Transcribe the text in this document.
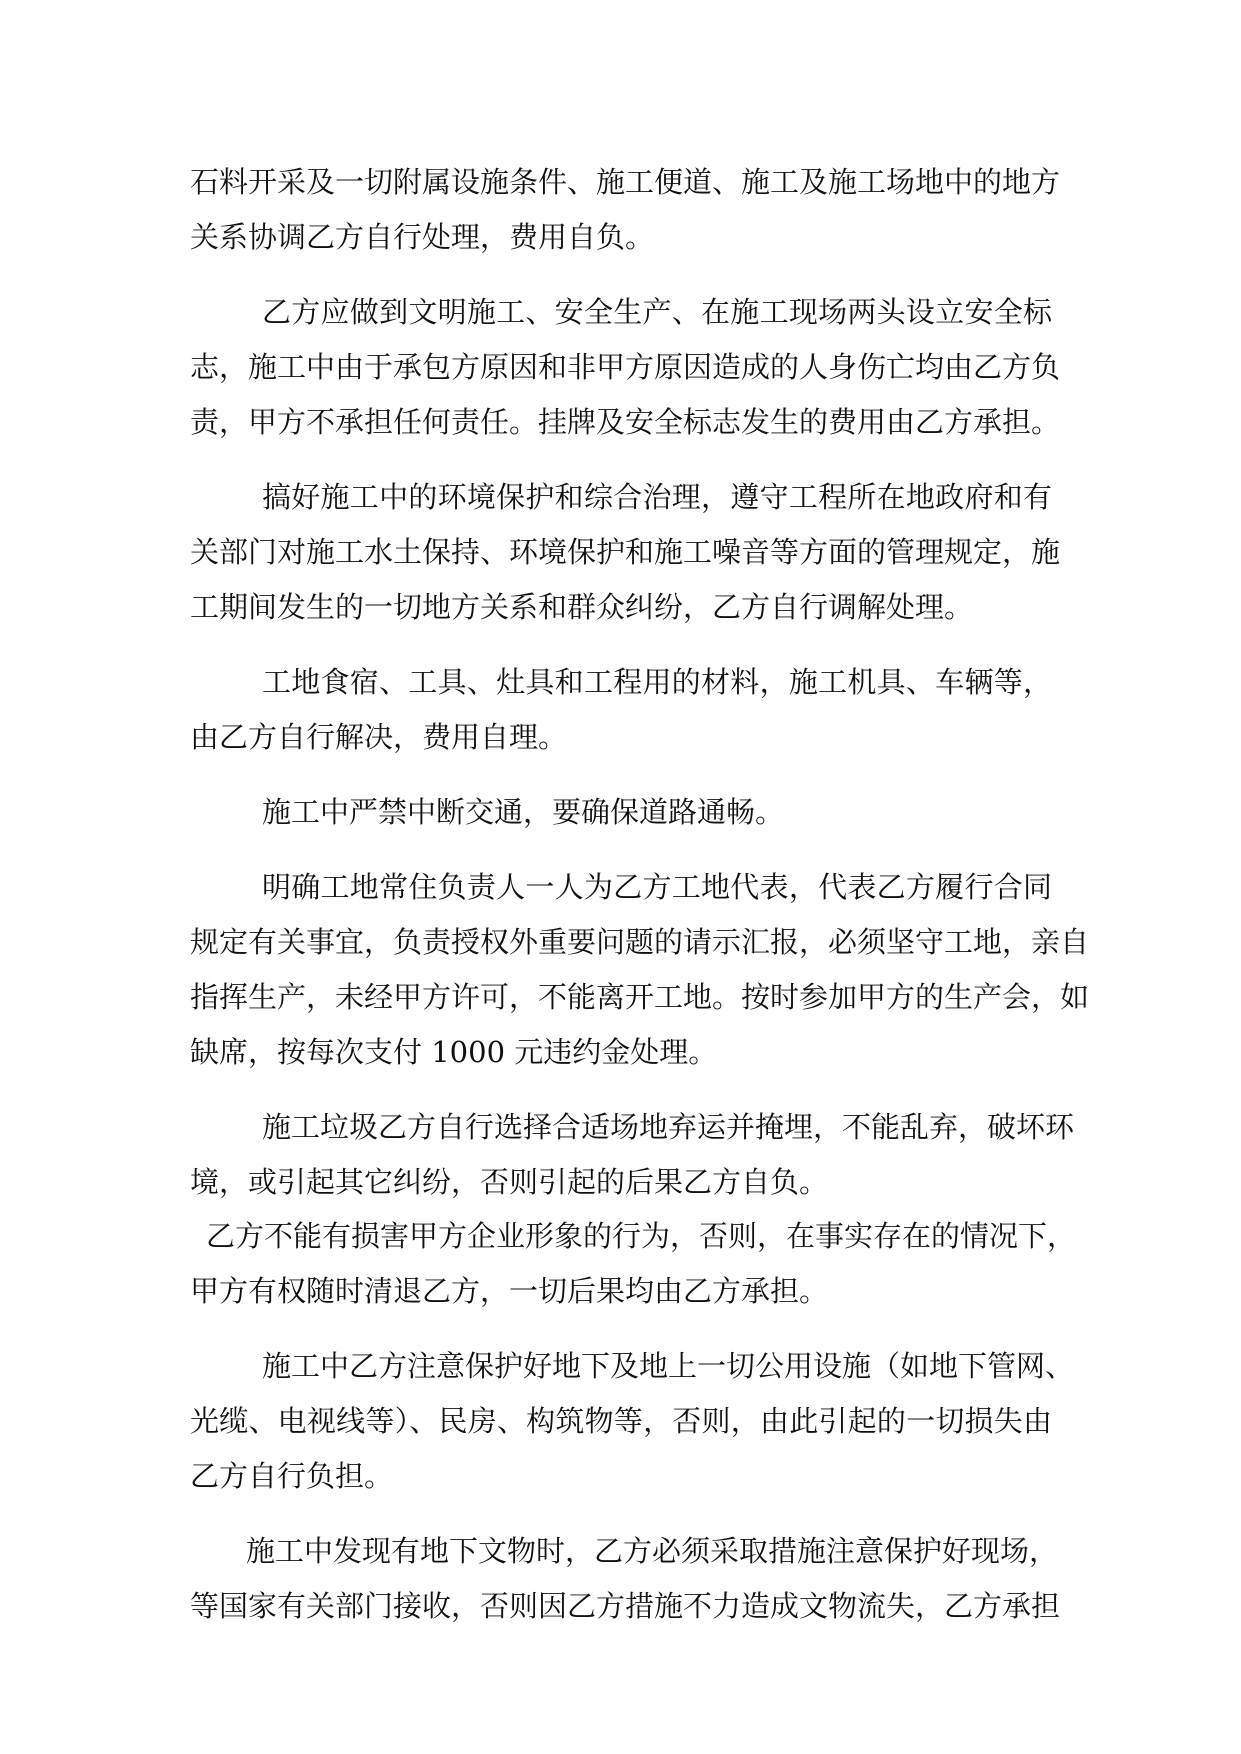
石料开采及一切附属设施条件、施工便道、施工及施工场地中的地方
关系协调乙方自行处理，费用自负。
乙方应做到文明施工、安全生产、在施工现场两头设立安全标
志，施工中由于承包方原因和非甲方原因造成的人身伤亡均由乙方负
责，甲方不承担任何责任。挂牌及安全标志发生的费用由乙方承担。
搞好施工中的环境保护和综合治理，遵守工程所在地政府和有
关部门对施工水土保持、环境保护和施工噪音等方面的管理规定，施
工期间发生的一切地方关系和群众纠纷，乙方自行调解处理。
工地食宿、工具、灶具和工程用的材料，施工机具、车辆等，
由乙方自行解决，费用自理。
施工中严禁中断交通，要确保道路通畅。
明确工地常住负责人一人为乙方工地代表，代表乙方履行合同
规定有关事宜，负责授权外重要问题的请示汇报，必须坚守工地，亲自
指挥生产，未经甲方许可，不能离开工地。按时参加甲方的生产会，如
缺席，按每次支付 1000 元违约金处理。
施工垃圾乙方自行选择合适场地弃运并掩埋，不能乱弃，破坏环
境，或引起其它纠纷，否则引起的后果乙方自负。
乙方不能有损害甲方企业形象的行为，否则，在事实存在的情况下，
甲方有权随时清退乙方，一切后果均由乙方承担。
施工中乙方注意保护好地下及地上一切公用设施（如地下管网、
光缆、电视线等）、民房、构筑物等，否则，由此引起的一切损失由
乙方自行负担。
施工中发现有地下文物时，乙方必须采取措施注意保护好现场，
等国家有关部门接收，否则因乙方措施不力造成文物流失，乙方承担
